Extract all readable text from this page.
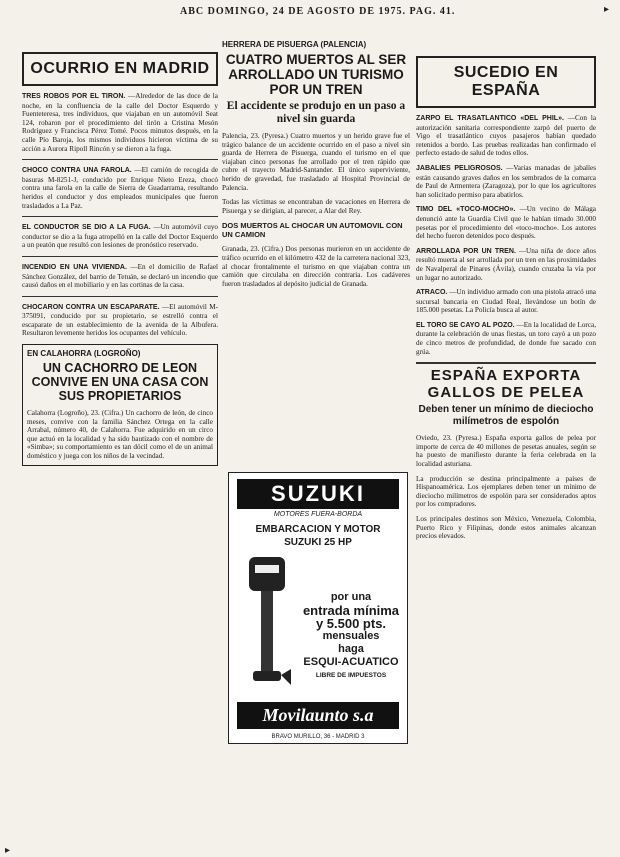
ABC DOMINGO, 24 DE AGOSTO DE 1975. PAG. 41.
OCURRIO EN MADRID

TRES ROBOS POR EL TIRON. —Alrededor de las doce de la noche, en la confluencia de la calle del Doctor Esquerdo y Fuenteteresa, tres individuos, que viajaban en un automóvil Seat 124, robaron por el procedimiento del tirón a Cristina Mesón Rodríguez y Francisca Pérez Tomé. Pocos minutos después, en la calle Pío Baroja, los mismos individuos hicieron víctima de su acción a Aurora Ripoll Rincón y se dieron a la fuga.

CHOCO CONTRA UNA FAROLA. —El camión de recogida de basuras M-8251-J, conducido por Enrique Nieto Ereza, chocó contra una farola en la calle de Sierra de Guadarrama, resultando heridos el conductor y dos empleados municipales que fueron trasladados a La Paz.

EL CONDUCTOR SE DIO A LA FUGA. —Un automóvil cuyo conductor se dio a la fuga atropelló en la calle del Doctor Esquerdo a un peatón que resultó con lesiones de pronóstico reservado.

INCENDIO EN UNA VIVIENDA. —En el domicilio de Rafael Sánchez González, del barrio de Tetuán, se declaró un incendio que causó daños en el mobiliario y en las cortinas de la casa.

CHOCARON CONTRA UN ESCAPARATE. —El automóvil M-375091, conducido por su propietario, se estrelló contra el escaparate de un establecimiento de la avenida de la Albufera. Resultaron levemente heridos los ocupantes del vehículo.

EN CALAHORRA (LOGROÑO)
UN CACHORRO DE LEON CONVIVE EN UNA CASA CON SUS PROPIETARIOS

Calahorra (Logroño), 23. (Cifra.) Un cachorro de león, de cinco meses, convive con la familia Sánchez Ortega en la calle Arrabal, número 40, de Calahorra. Fue adquirido en un circo que actuó en la localidad y ha sido bautizado con el nombre de «Simba»; su comportamiento es tan dócil como el de un animal doméstico y juega con los niños de la vecindad.

HERRERA DE PISUERGA (PALENCIA)
CUATRO MUERTOS AL SER ARROLLADO UN TURISMO POR UN TREN
El accidente se produjo en un paso a nivel sin guarda

Palencia, 23. (Pyresa.) Cuatro muertos y un herido grave fue el trágico balance de un accidente ocurrido en el paso a nivel sin guarda de Herrera de Pisuerga, cuando el turismo en el que viajaban cinco personas fue arrollado por el tren rápido que cubre el trayecto Madrid-Santander. El único superviviente, herido de gravedad, fue trasladado al Hospital Provincial de Palencia.

Todas las víctimas se encontraban de vacaciones en Herrera de Pisuerga y se dirigían, al parecer, a Alar del Rey.

DOS MUERTOS AL CHOCAR UN AUTOMOVIL CON UN CAMION

Granada, 23. (Cifra.) Dos personas murieron en un accidente de tráfico ocurrido en el kilómetro 432 de la carretera nacional 323, al chocar frontalmente el turismo en que viajaban contra un camión que circulaba en dirección contraria. Los cadáveres fueron trasladados al depósito judicial de Granada.

SUZUKI
MOTORES FUERA-BORDA
EMBARCACION Y MOTOR
SUZUKI 25 HP
por una
entrada mínima
y 5.500 pts.
mensuales
haga
ESQUI-ACUATICO
LIBRE DE IMPUESTOS
Movilaunto s.a
BRAVO MURILLO, 36 - MADRID 3
SUCEDIO EN ESPAÑA

ZARPO EL TRASATLANTICO «DEL PHIL». —Con la autorización sanitaria correspondiente zarpó del puerto de Vigo el trasatlántico cuyos pasajeros habían quedado retenidos a bordo. Las pruebas realizadas han confirmado el perfecto estado de salud de todos ellos.

JABALIES PELIGROSOS. —Varias manadas de jabalíes están causando graves daños en los sembrados de la comarca de Paul de Armentera (Zaragoza), por lo que los agricultores han solicitado permiso para abatirlos.

TIMO DEL «TOCO-MOCHO». —Un vecino de Málaga denunció ante la Guardia Civil que le habían timado 30.000 pesetas por el procedimiento del «toco-mocho». Los autores del hecho fueron detenidos poco después.

ARROLLADA POR UN TREN. —Una niña de doce años resultó muerta al ser arrollada por un tren en las proximidades de Navalperal de Pinares (Ávila), cuando cruzaba la vía por un lugar no autorizado.

ATRACO. —Un individuo armado con una pistola atracó una sucursal bancaria en Ciudad Real, llevándose un botín de 185.000 pesetas. La Policía busca al autor.

EL TORO SE CAYO AL POZO. —En la localidad de Lorca, durante la celebración de unas fiestas, un toro cayó a un pozo de cinco metros de profundidad, de donde fue sacado con grúa.

ESPAÑA EXPORTA GALLOS DE PELEA
Deben tener un mínimo de dieciocho milímetros de espolón

Oviedo, 23. (Pyresa.) España exporta gallos de pelea por importe de cerca de 40 millones de pesetas anuales, según se ha puesto de manifiesto durante la feria celebrada en la localidad asturiana.

La producción se destina principalmente a países de Hispanoamérica. Los ejemplares deben tener un mínimo de dieciocho milímetros de espolón para ser considerados aptos por los compradores.

Los principales destinos son México, Venezuela, Colombia, Puerto Rico y Filipinas, donde estos animales alcanzan precios elevados.

▸
▸
